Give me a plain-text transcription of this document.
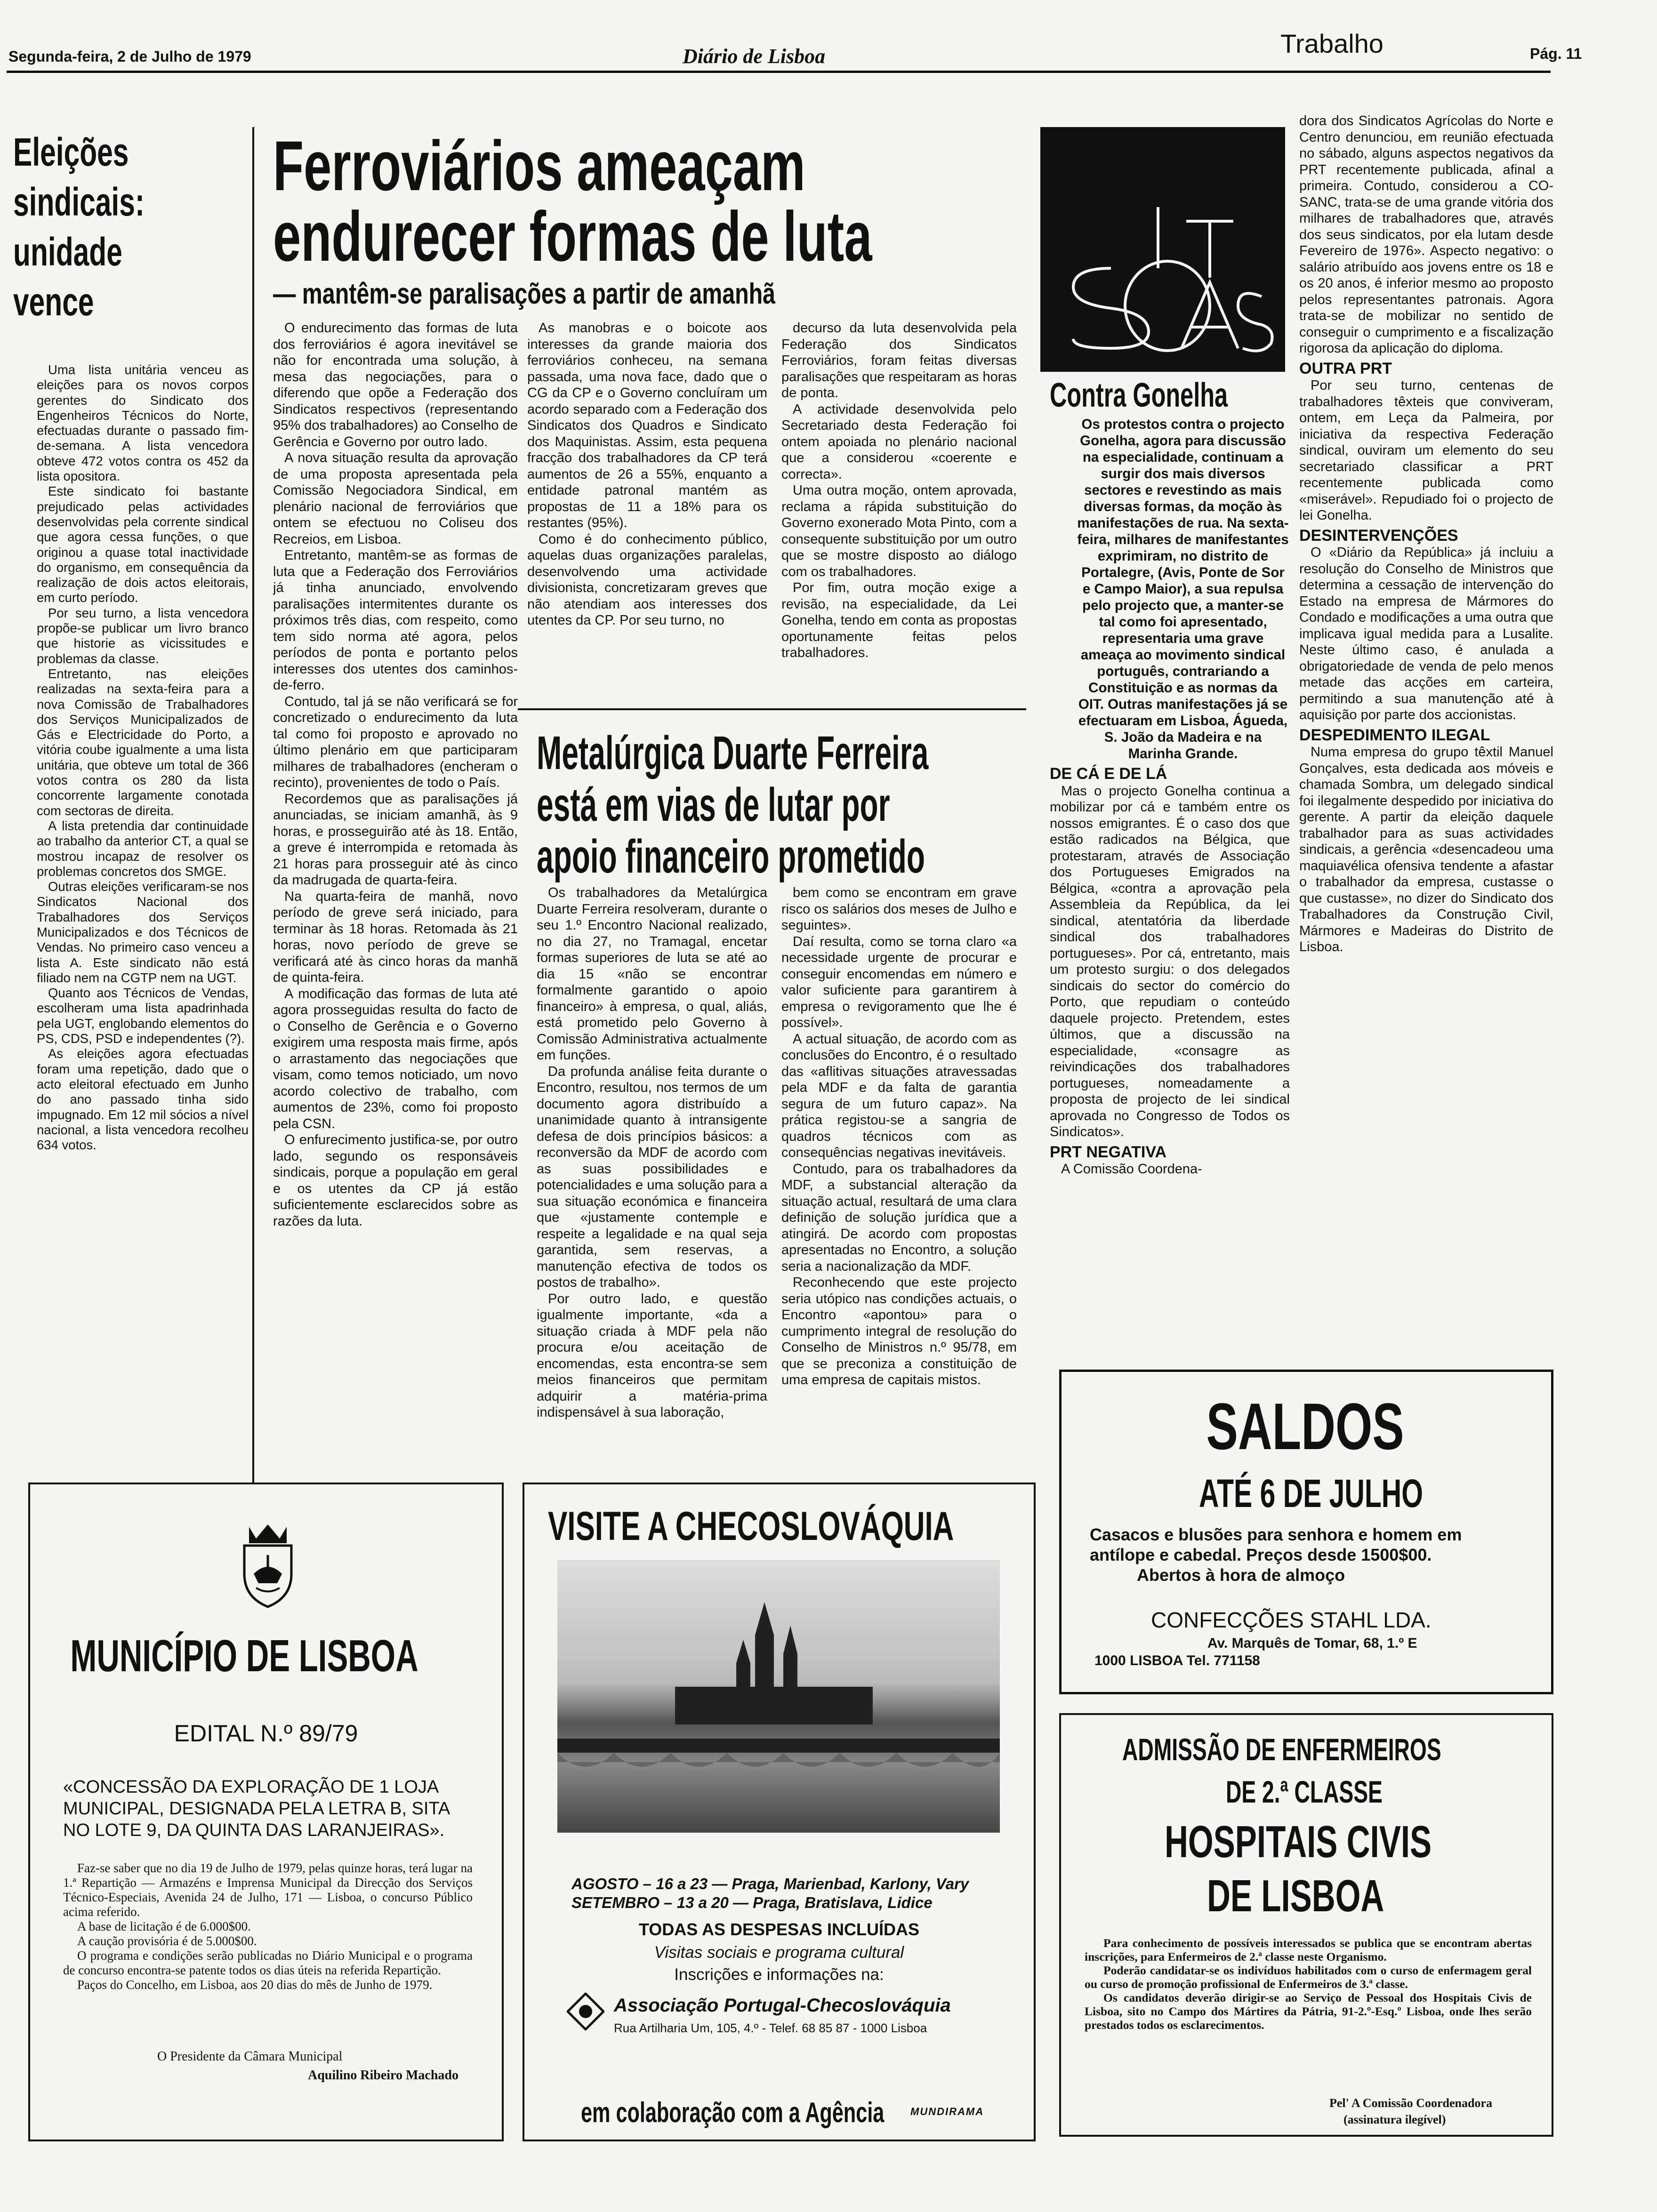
Segunda-feira, 2 de Julho de 1979	Diário de Lisboa	Trabalho	Pág. 11
Eleições
sindicais:
unidade
vence

Uma lista unitária venceu as eleições para os novos corpos gerentes do Sindicato dos Engenheiros Técnicos do Norte, efectuadas durante o passado fim-de-semana. A lista vencedora obteve 472 votos contra os 452 da lista opositora.

Este sindicato foi bastante prejudicado pelas actividades desenvolvidas pela corrente sindical que agora cessa funções, o que originou a quase total inactividade do organismo, em consequência da realização de dois actos eleitorais, em curto período.

Por seu turno, a lista vencedora propõe-se publicar um livro branco que historie as vicissitudes e problemas da classe.

Entretanto, nas eleições realizadas na sexta-feira para a nova Comissão de Trabalhadores dos Serviços Municipalizados de Gás e Electricidade do Porto, a vitória coube igualmente a uma lista unitária, que obteve um total de 366 votos contra os 280 da lista concorrente largamente conotada com sectoras de direita.

A lista pretendia dar continuidade ao trabalho da anterior CT, a qual se mostrou incapaz de resolver os problemas concretos dos SMGE.

Outras eleições verificaram-se nos Sindicatos Nacional dos Trabalhadores dos Serviços Municipalizados e dos Técnicos de Vendas. No primeiro caso venceu a lista A. Este sindicato não está filiado nem na CGTP nem na UGT.

Quanto aos Técnicos de Vendas, escolheram uma lista apadrinhada pela UGT, englobando elementos do PS, CDS, PSD e independentes (?).

As eleições agora efectuadas foram uma repetição, dado que o acto eleitoral efectuado em Junho do ano passado tinha sido impugnado. Em 12 mil sócios a nível nacional, a lista vencedora recolheu 634 votos.

Ferroviários ameaçam
endurecer formas de luta
— mantêm-se paralisações a partir de amanhã

O endurecimento das formas de luta dos ferroviários é agora inevitável se não for encontrada uma solução, à mesa das negociações, para o diferendo que opõe a Federação dos Sindicatos respectivos (representando 95% dos trabalhadores) ao Conselho de Gerência e Governo por outro lado.

A nova situação resulta da aprovação de uma proposta apresentada pela Comissão Negociadora Sindical, em plenário nacional de ferroviários que ontem se efectuou no Coliseu dos Recreios, em Lisboa.

Entretanto, mantêm-se as formas de luta que a Federação dos Ferroviários já tinha anunciado, envolvendo paralisações intermitentes durante os próximos três dias, com respeito, como tem sido norma até agora, pelos períodos de ponta e portanto pelos interesses dos utentes dos caminhos-de-ferro.

Contudo, tal já se não verificará se for concretizado o endurecimento da luta tal como foi proposto e aprovado no último plenário em que participaram milhares de trabalhadores (encheram o recinto), provenientes de todo o País.

Recordemos que as paralisações já anunciadas, se iniciam amanhã, às 9 horas, e prosseguirão até às 18. Então, a greve é interrompida e retomada às 21 horas para prosseguir até às cinco da madrugada de quarta-feira.

Na quarta-feira de manhã, novo período de greve será iniciado, para terminar às 18 horas. Retomada às 21 horas, novo período de greve se verificará até às cinco horas da manhã de quinta-feira.

A modificação das formas de luta até agora prosseguidas resulta do facto de o Conselho de Gerência e o Governo exigirem uma resposta mais firme, após o arrastamento das negociações que visam, como temos noticiado, um novo acordo colectivo de trabalho, com aumentos de 23%, como foi proposto pela CSN.

O enfurecimento justifica-se, por outro lado, segundo os responsáveis sindicais, porque a população em geral e os utentes da CP já estão suficientemente esclarecidos sobre as razões da luta.

As manobras e o boicote aos interesses da grande maioria dos ferroviários conheceu, na semana passada, uma nova face, dado que o CG da CP e o Governo concluíram um acordo separado com a Federação dos Sindicatos dos Quadros e Sindicato dos Maquinistas. Assim, esta pequena fracção dos trabalhadores da CP terá aumentos de 26 a 55%, enquanto a entidade patronal mantém as propostas de 11 a 18% para os restantes (95%).

Como é do conhecimento público, aquelas duas organizações paralelas, desenvolvendo uma actividade divisionista, concretizaram greves que não atendiam aos interesses dos utentes da CP. Por seu turno, no

decurso da luta desenvolvida pela Federação dos Sindicatos Ferroviários, foram feitas diversas paralisações que respeitaram as horas de ponta.

A actividade desenvolvida pelo Secretariado desta Federação foi ontem apoiada no plenário nacional que a considerou «coerente e correcta».

Uma outra moção, ontem aprovada, reclama a rápida substituição do Governo exonerado Mota Pinto, com a consequente substituição por um outro que se mostre disposto ao diálogo com os trabalhadores.

Por fim, outra moção exige a revisão, na especialidade, da Lei Gonelha, tendo em conta as propostas oportunamente feitas pelos trabalhadores.

Metalúrgica Duarte Ferreira
está em vias de lutar por
apoio financeiro prometido

Os trabalhadores da Metalúrgica Duarte Ferreira resolveram, durante o seu 1.º Encontro Nacional realizado, no dia 27, no Tramagal, encetar formas superiores de luta se até ao dia 15 «não se encontrar formalmente garantido o apoio financeiro» à empresa, o qual, aliás, está prometido pelo Governo à Comissão Administrativa actualmente em funções.

Da profunda análise feita durante o Encontro, resultou, nos termos de um documento agora distribuído a unanimidade quanto à intransigente defesa de dois princípios básicos: a reconversão da MDF de acordo com as suas possibilidades e potencialidades e uma solução para a sua situação económica e financeira que «justamente contemple e respeite a legalidade e na qual seja garantida, sem reservas, a manutenção efectiva de todos os postos de trabalho».

Por outro lado, e questão igualmente importante, «da a situação criada à MDF pela não procura e/ou aceitação de encomendas, esta encontra-se sem meios financeiros que permitam adquirir a matéria-prima indispensável à sua laboração,

bem como se encontram em grave risco os salários dos meses de Julho e seguintes».

Daí resulta, como se torna claro «a necessidade urgente de procurar e conseguir encomendas em número e valor suficiente para garantirem à empresa o revigoramento que lhe é possível».

A actual situação, de acordo com as conclusões do Encontro, é o resultado das «aflitivas situações atravessadas pela MDF e da falta de garantia segura de um futuro capaz». Na prática registou-se a sangria de quadros técnicos com as consequências negativas inevitáveis.

Contudo, para os trabalhadores da MDF, a substancial alteração da situação actual, resultará de uma clara definição de solução jurídica que a atingirá. De acordo com propostas apresentadas no Encontro, a solução seria a nacionalização da MDF.

Reconhecendo que este projecto seria utópico nas condições actuais, o Encontro «apontou» para o cumprimento integral de resolução do Conselho de Ministros n.º 95/78, em que se preconiza a constituição de uma empresa de capitais mistos.

Contra Gonelha

Os protestos contra o projecto Gonelha, agora para discussão na especialidade, continuam a surgir dos mais diversos sectores e revestindo as mais diversas formas, da moção às manifestações de rua. Na sexta-feira, milhares de manifestantes exprimiram, no distrito de Portalegre, (Avis, Ponte de Sor e Campo Maior), a sua repulsa pelo projecto que, a manter-se tal como foi apresentado, representaria uma grave ameaça ao movimento sindical português, contrariando a Constituição e as normas da OIT. Outras manifestações já se efectuaram em Lisboa, Águeda, S. João da Madeira e na Marinha Grande.

DE CÁ E DE LÁ

Mas o projecto Gonelha continua a mobilizar por cá e também entre os nossos emigrantes. É o caso dos que estão radicados na Bélgica, que protestaram, através de Associação dos Portugueses Emigrados na Bélgica, «contra a aprovação pela Assembleia da República, da lei sindical, atentatória da liberdade sindical dos trabalhadores portugueses». Por cá, entretanto, mais um protesto surgiu: o dos delegados sindicais do sector do comércio do Porto, que repudiam o conteúdo daquele projecto. Pretendem, estes últimos, que a discussão na especialidade, «consagre as reivindicações dos trabalhadores portugueses, nomeadamente a proposta de projecto de lei sindical aprovada no Congresso de Todos os Sindicatos».

PRT NEGATIVA

A Comissão Coordena-

dora dos Sindicatos Agrícolas do Norte e Centro denunciou, em reunião efectuada no sábado, alguns aspectos negativos da PRT recentemente publicada, afinal a primeira. Contudo, considerou a CO-SANC, trata-se de uma grande vitória dos milhares de trabalhadores que, através dos seus sindicatos, por ela lutam desde Fevereiro de 1976». Aspecto negativo: o salário atribuído aos jovens entre os 18 e os 20 anos, é inferior mesmo ao proposto pelos representantes patronais. Agora trata-se de mobilizar no sentido de conseguir o cumprimento e a fiscalização rigorosa da aplicação do diploma.

OUTRA PRT

Por seu turno, centenas de trabalhadores têxteis que conviveram, ontem, em Leça da Palmeira, por iniciativa da respectiva Federação sindical, ouviram um elemento do seu secretariado classificar a PRT recentemente publicada como «miserável». Repudiado foi o projecto de lei Gonelha.

DESINTERVENÇÕES

O «Diário da República» já incluiu a resolução do Conselho de Ministros que determina a cessação de intervenção do Estado na empresa de Mármores do Condado e modificações a uma outra que implicava igual medida para a Lusalite. Neste último caso, é anulada a obrigatoriedade de venda de pelo menos metade das acções em carteira, permitindo a sua manutenção até à aquisição por parte dos accionistas.

DESPEDIMENTO ILEGAL

Numa empresa do grupo têxtil Manuel Gonçalves, esta dedicada aos móveis e chamada Sombra, um delegado sindical foi ilegalmente despedido por iniciativa do gerente. A partir da eleição daquele trabalhador para as suas actividades sindicais, a gerência «desencadeou uma maquiavélica ofensiva tendente a afastar o trabalhador da empresa, custasse o que custasse», no dizer do Sindicato dos Trabalhadores da Construção Civil, Mármores e Madeiras do Distrito de Lisboa.

MUNICÍPIO DE LISBOA
EDITAL N.º 89/79
«CONCESSÃO DA EXPLORAÇÃO DE 1 LOJA MUNICIPAL, DESIGNADA PELA LETRA B, SITA NO LOTE 9, DA QUINTA DAS LARANJEIRAS».

Faz-se saber que no dia 19 de Julho de 1979, pelas quinze horas, terá lugar na 1.ª Repartição — Armazéns e Imprensa Municipal da Direcção dos Serviços Técnico-Especiais, Avenida 24 de Julho, 171 — Lisboa, o concurso Público acima referido.

A base de licitação é de 6.000$00.

A caução provisória é de 5.000$00.

O programa e condições serão publicadas no Diário Municipal e o programa de concurso encontra-se patente todos os dias úteis na referida Repartição.

Paços do Concelho, em Lisboa, aos 20 dias do mês de Junho de 1979.

O Presidente da Câmara Municipal
Aquilino Ribeiro Machado
VISITE A CHECOSLOVÁQUIA
AGOSTO – 16 a 23 — Praga, Marienbad, Karlony, Vary
SETEMBRO – 13 a 20 — Praga, Bratislava, Lidice
TODAS AS DESPESAS INCLUÍDAS
Visitas sociais e programa cultural
Inscrições e informações na:
Associação Portugal-Checoslováquia
Rua Artilharia Um, 105, 4.º - Telef. 68 85 87 - 1000 Lisboa
em colaboração com a Agência	MUNDIRAMA
SALDOS
ATÉ 6 DE JULHO
Casacos e blusões para senhora e homem em
antílope e cabedal. Preços desde 1500$00.
Abertos à hora de almoço
CONFECÇÕES STAHL LDA.
Av. Marquês de Tomar, 68, 1.º E
1000 LISBOA Tel. 771158
ADMISSÃO DE ENFERMEIROS
DE 2.ª CLASSE
HOSPITAIS CIVIS
DE LISBOA

Para conhecimento de possíveis interessados se publica que se encontram abertas inscrições, para Enfermeiros de 2.ª classe neste Organismo.

Poderão candidatar-se os indivíduos habilitados com o curso de enfermagem geral ou curso de promoção profissional de Enfermeiros de 3.ª classe.

Os candidatos deverão dirigir-se ao Serviço de Pessoal dos Hospitais Civis de Lisboa, sito no Campo dos Mártires da Pátria, 91-2.º-Esq.º Lisboa, onde lhes serão prestados todos os esclarecimentos.

Pel' A Comissão Coordenadora
(assinatura ilegível)
